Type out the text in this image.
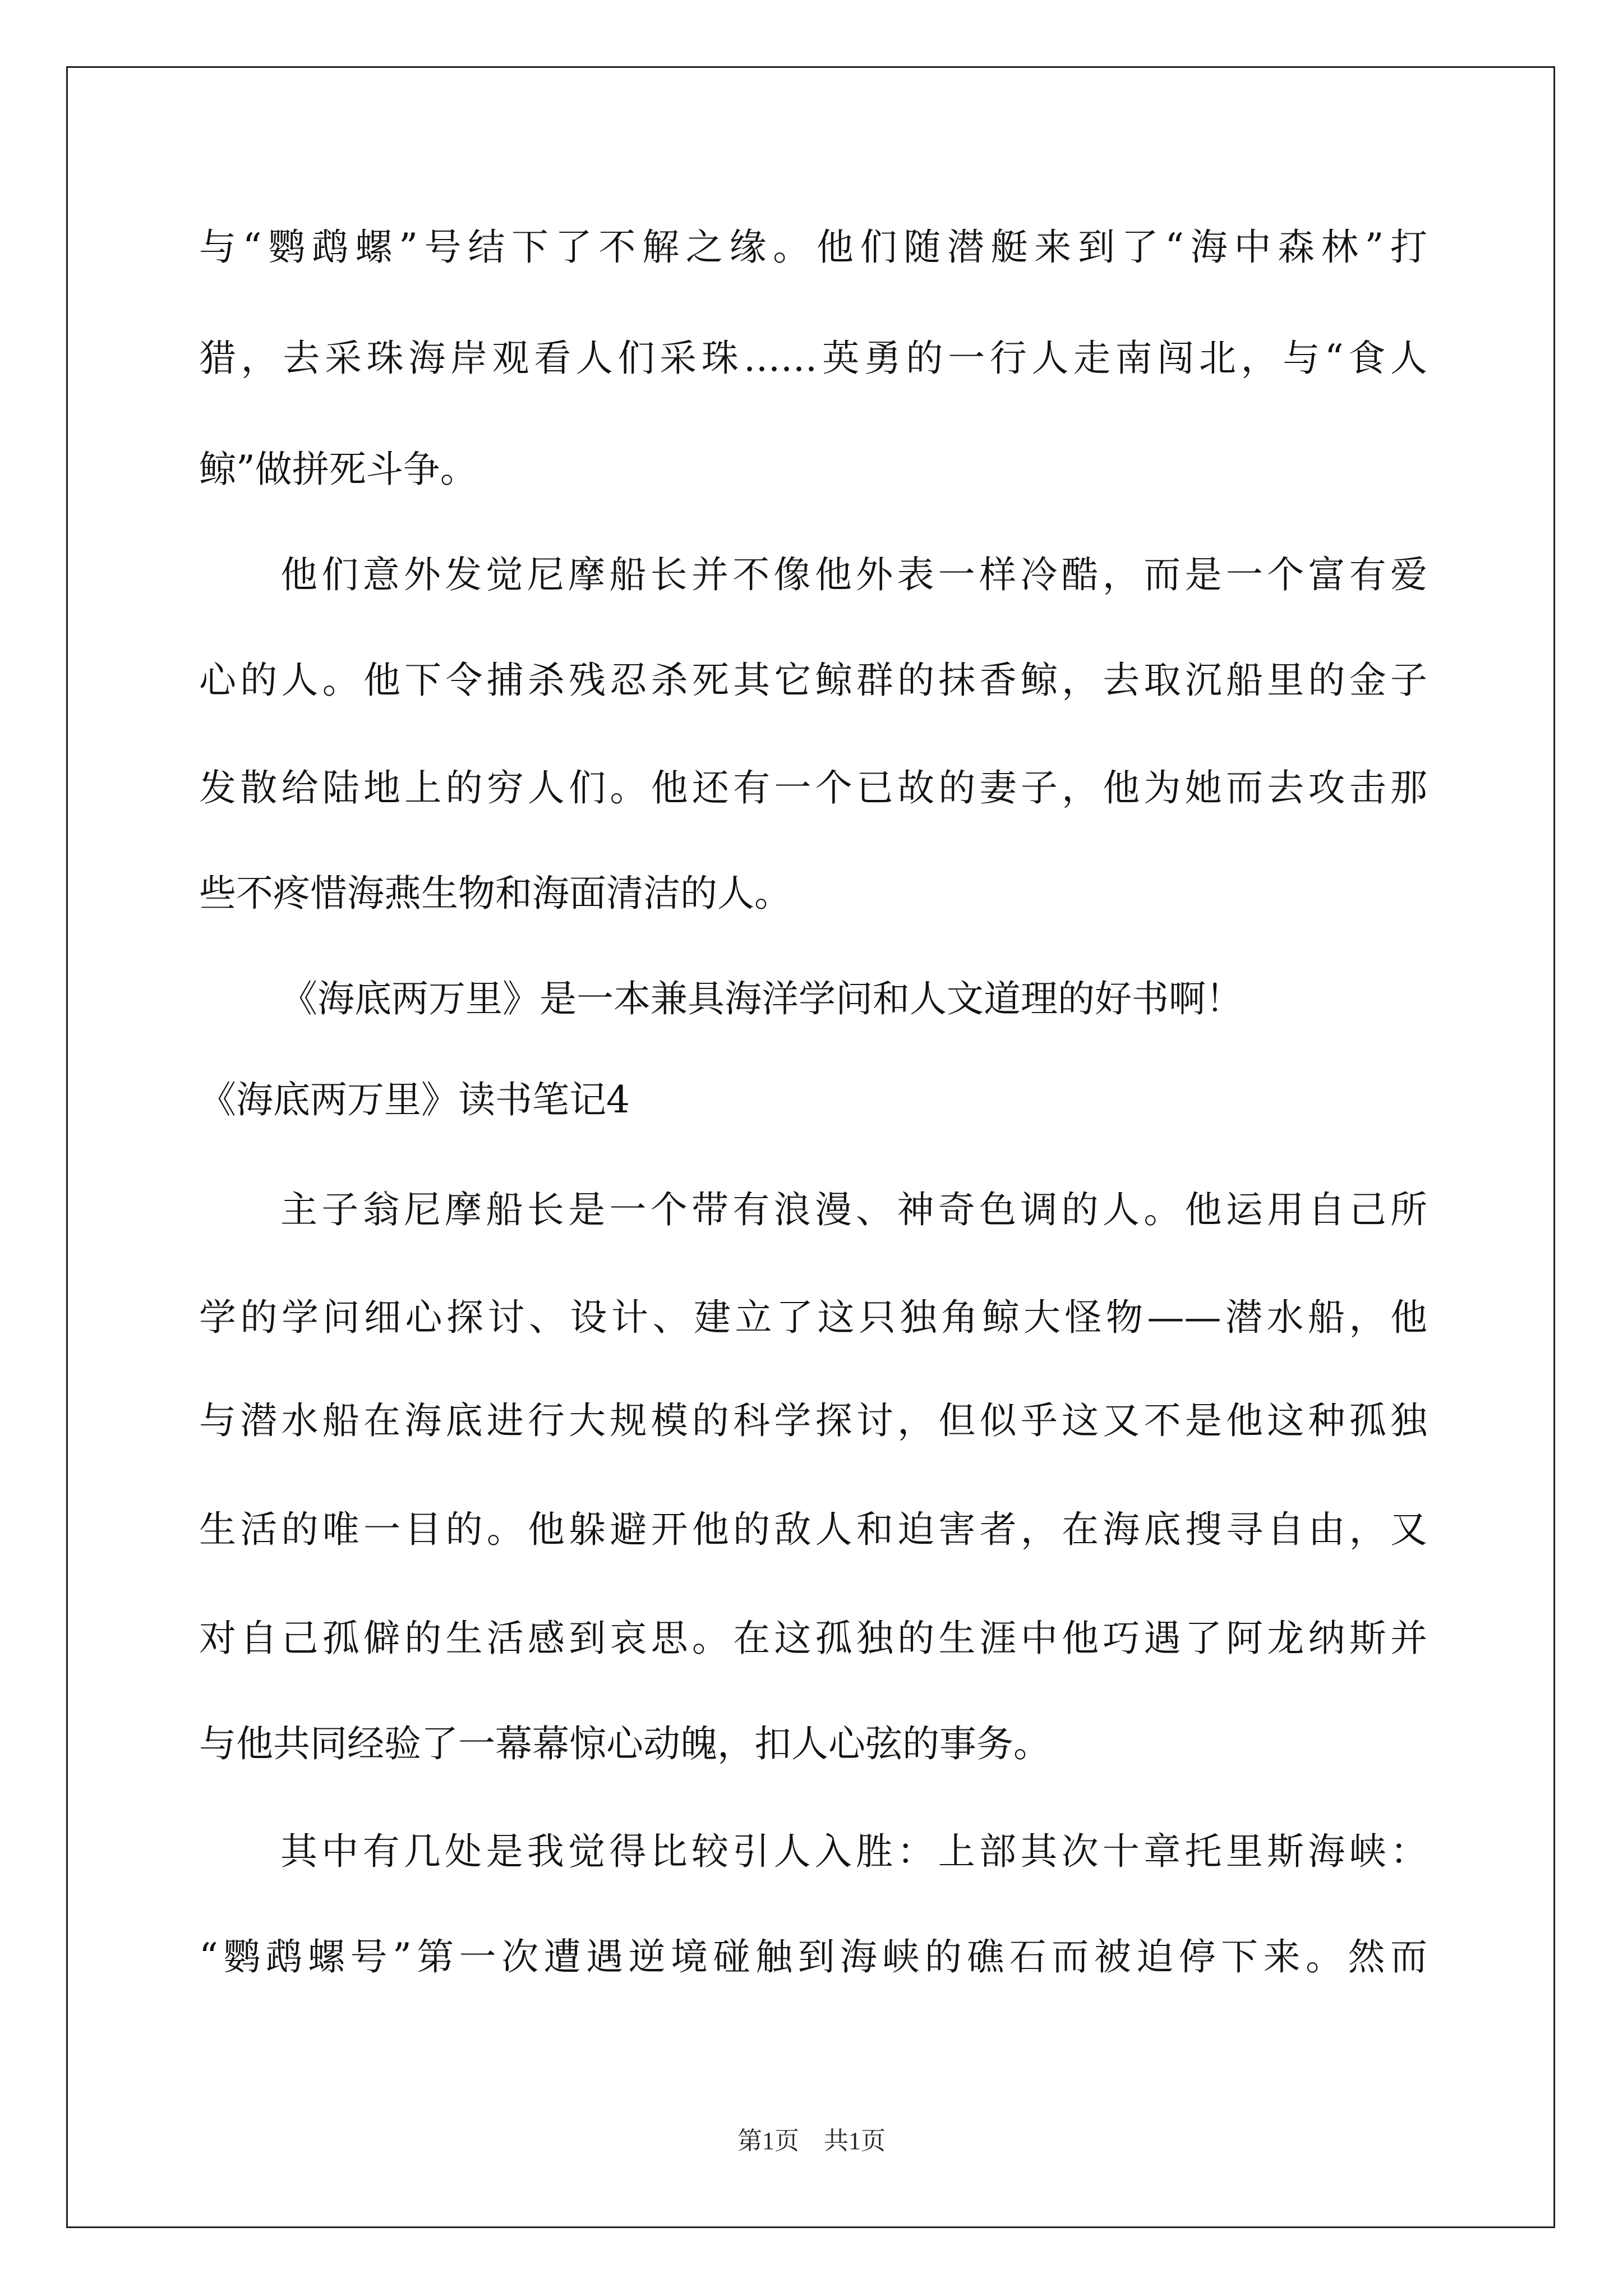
与“鹦鹉螺”号结下了不解之缘。他们随潜艇来到了“海中森林”打
猎，去采珠海岸观看人们采珠……英勇的一行人走南闯北，与“食人
鲸”做拼死斗争。
他们意外发觉尼摩船长并不像他外表一样冷酷，而是一个富有爱
心的人。他下令捕杀残忍杀死其它鲸群的抹香鲸，去取沉船里的金子
发散给陆地上的穷人们。他还有一个已故的妻子，他为她而去攻击那
些不疼惜海燕生物和海面清洁的人。
《海底两万里》是一本兼具海洋学问和人文道理的好书啊！
《海底两万里》读书笔记4
主子翁尼摩船长是一个带有浪漫、神奇色调的人。他运用自己所
学的学问细心探讨、设计、建立了这只独角鲸大怪物——潜水船，他
与潜水船在海底进行大规模的科学探讨，但似乎这又不是他这种孤独
生活的唯一目的。他躲避开他的敌人和迫害者，在海底搜寻自由，又
对自己孤僻的生活感到哀思。在这孤独的生涯中他巧遇了阿龙纳斯并
与他共同经验了一幕幕惊心动魄，扣人心弦的事务。
其中有几处是我觉得比较引人入胜：上部其次十章托里斯海峡：
“鹦鹉螺号”第一次遭遇逆境碰触到海峡的礁石而被迫停下来。然而
第1页　共1页
